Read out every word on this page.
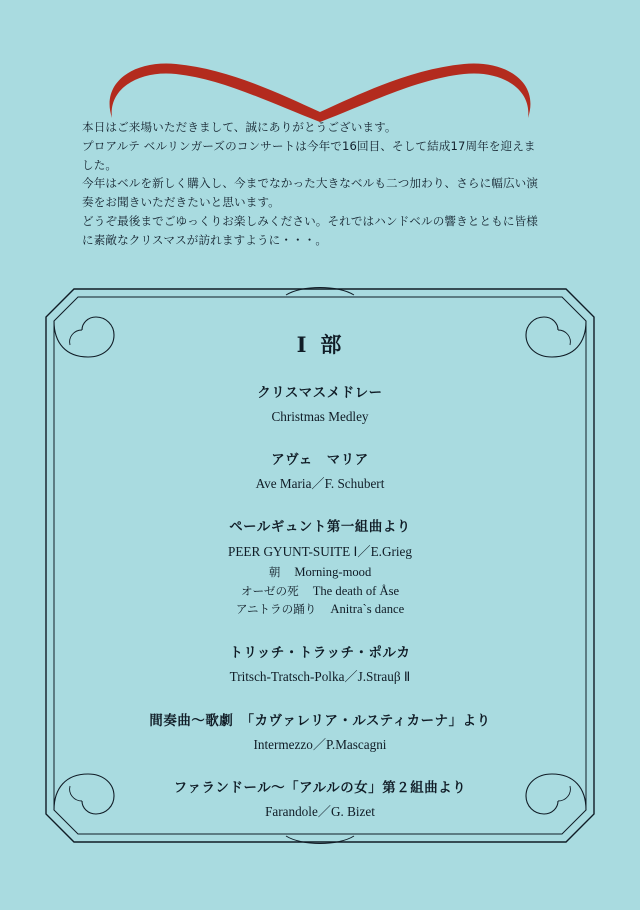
本日はご来場いただきまして、誠にありがとうございます。

プロアルテ ベルリンガーズのコンサートは今年で16回目、そして結成17周年を迎えま

した。

今年はベルを新しく購入し、今までなかった大きなベルも二つ加わり、さらに幅広い演

奏をお聞きいただきたいと思います。

どうぞ最後までごゆっくりお楽しみください。それではハンドベルの響きとともに皆様

に素敵なクリスマスが訪れますように・・・。

Ⅰ部
クリスマスメドレー
Christmas Medley
アヴェ　マリア
Ave Maria／F. Schubert
ペールギュント第一組曲より
PEER GYUNT-SUITE Ⅰ／E.Grieg
朝 Morning-mood
オーゼの死 The death of Åse
アニトラの踊り Anitra`s dance
トリッチ・トラッチ・ポルカ
Tritsch-Tratsch-Polka／J.Strauβ Ⅱ
間奏曲〜歌劇　「カヴァレリア・ルスティカーナ」より
Intermezzo／P.Mascagni
ファランドール〜「アルルの女」第２組曲より
Farandole／G. Bizet
